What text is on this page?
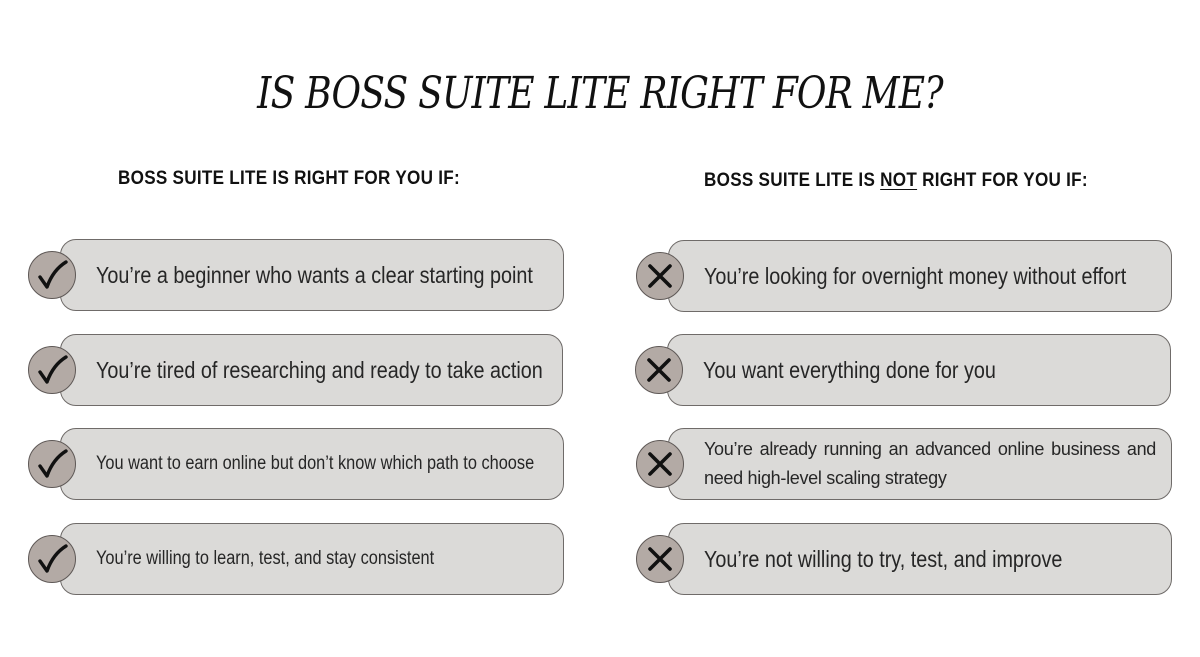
IS BOSS SUITE LITE RIGHT FOR ME?
BOSS SUITE LITE IS RIGHT FOR YOU IF:	BOSS SUITE LITE IS NOT RIGHT FOR YOU IF:
You’re a beginner who wants a clear starting point
You’re tired of researching and ready to take action
You want to earn online but don’t know which path to choose
You’re willing to learn, test, and stay consistent
You’re looking for overnight money without effort
You want everything done for you
You’re already running an advanced online business and need high-level scaling strategy
You’re not willing to try, test, and improve
